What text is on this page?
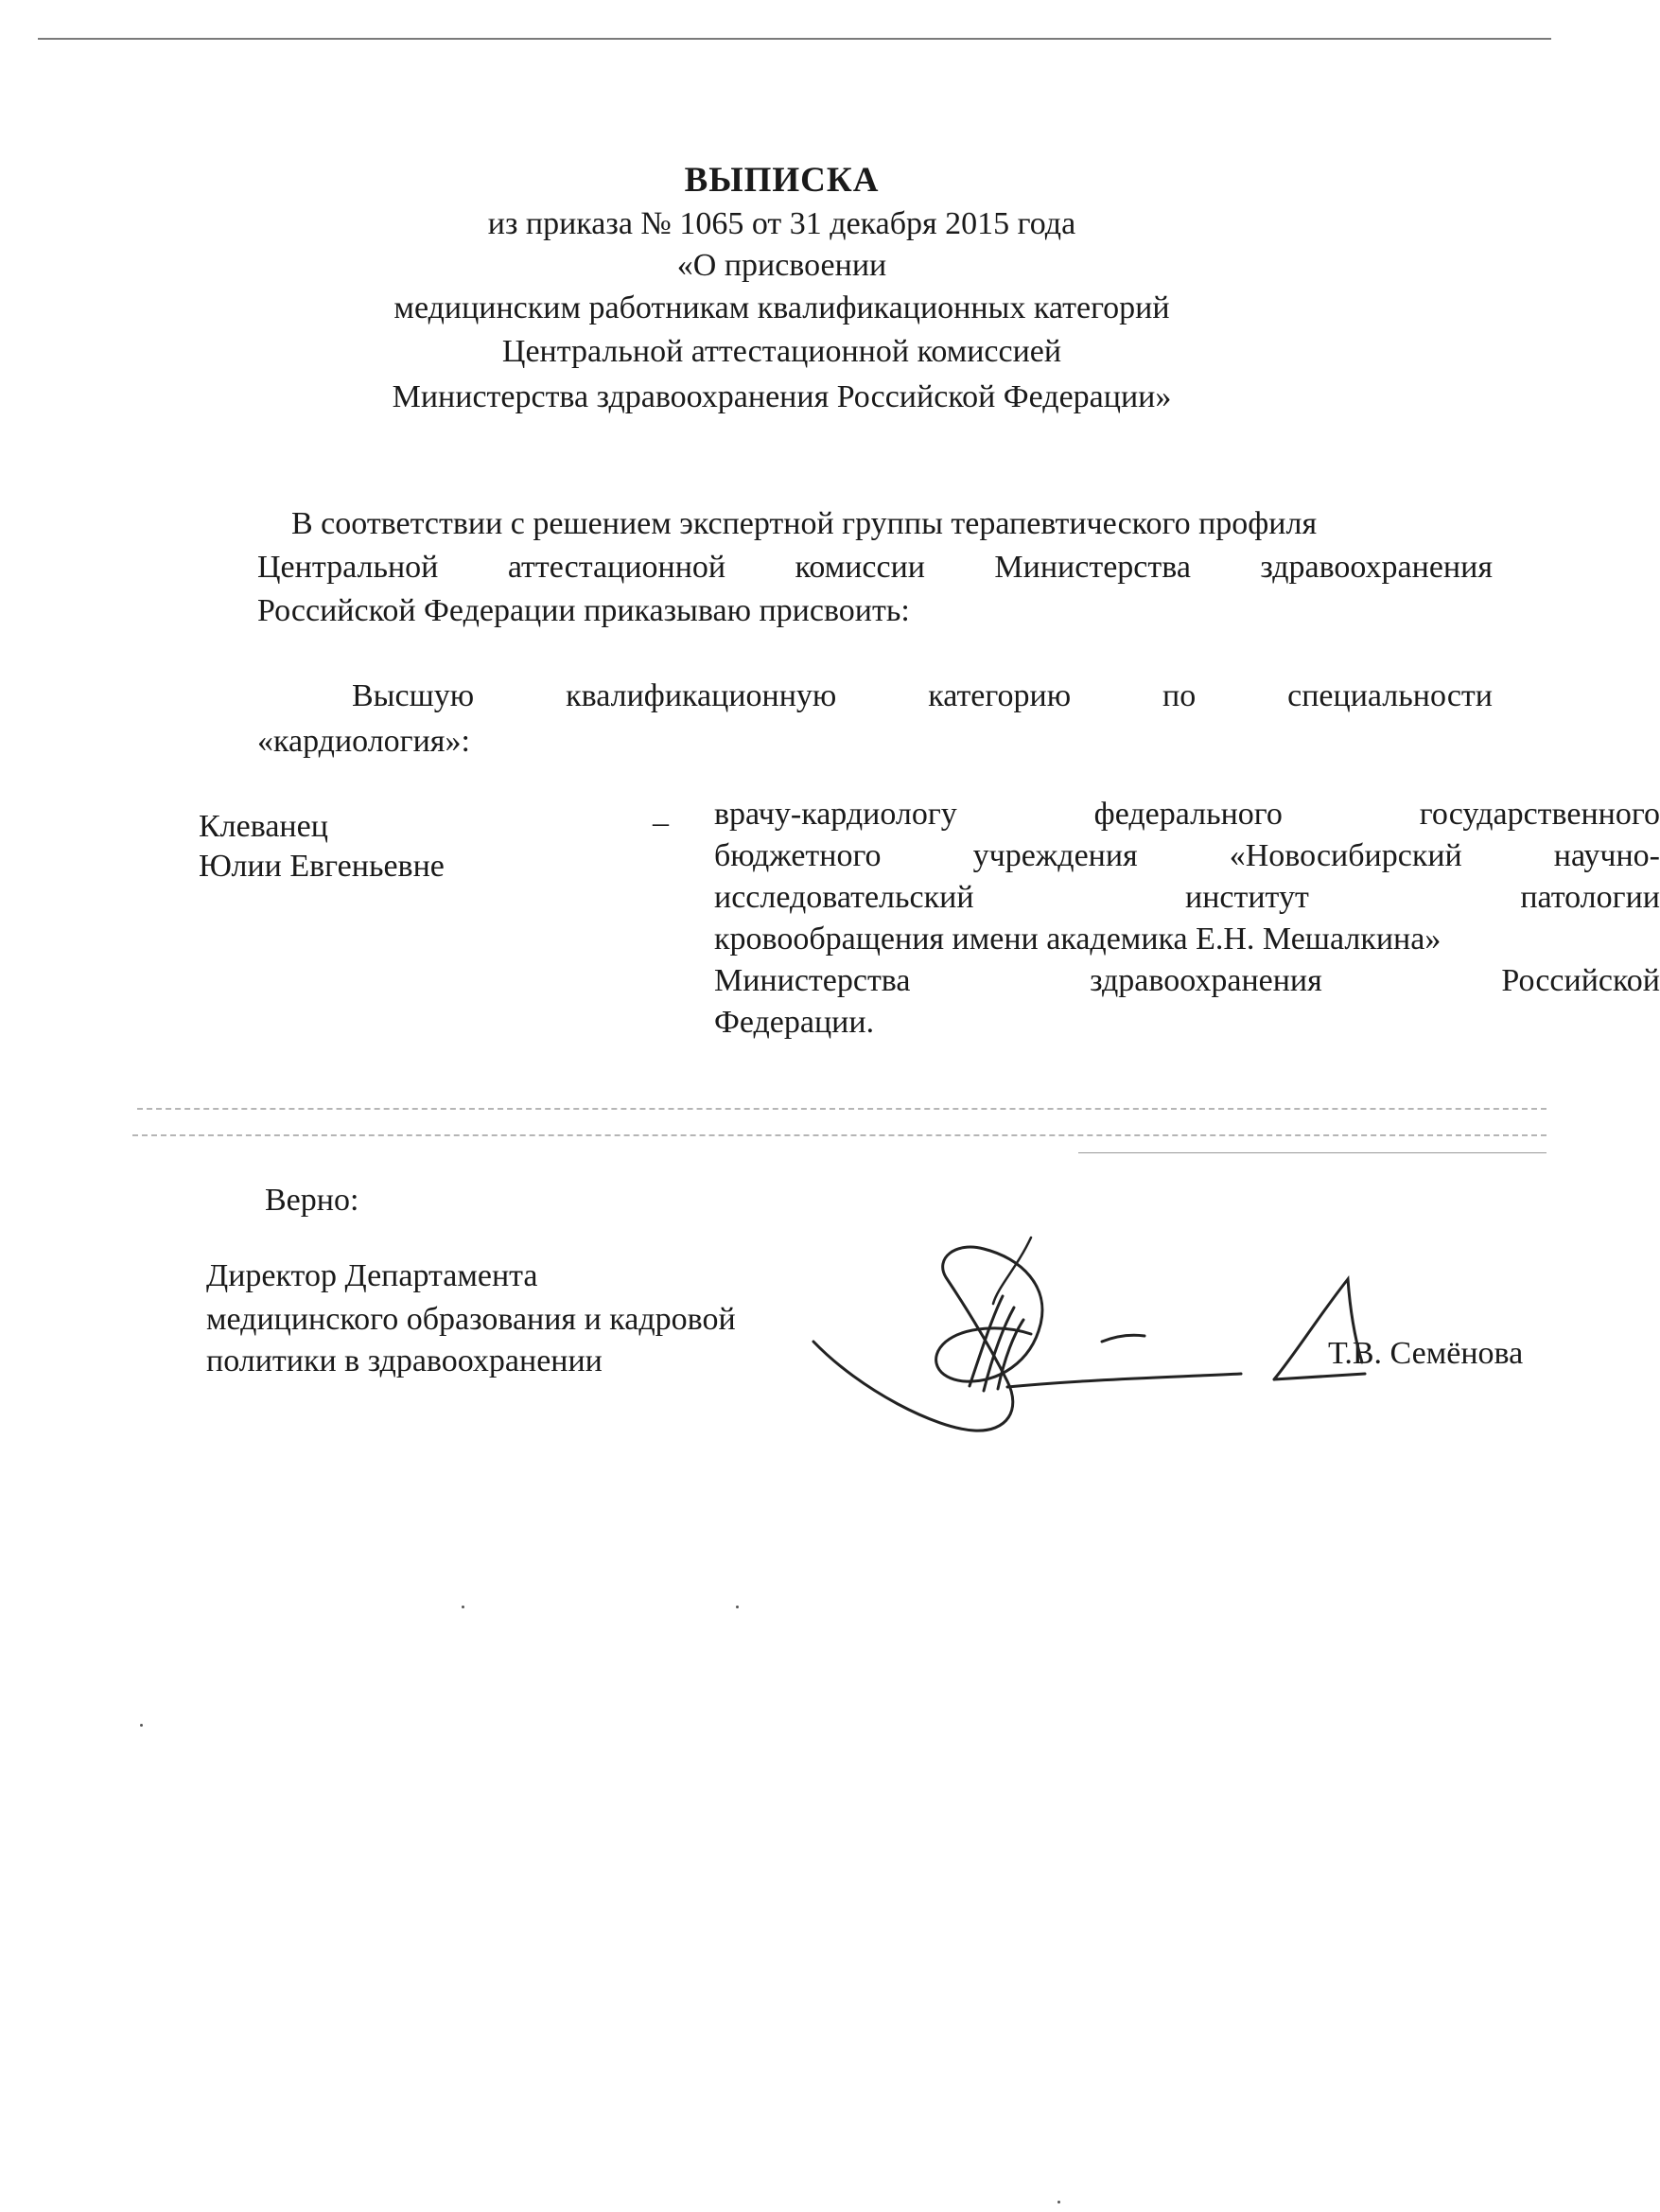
ВЫПИСКА
из приказа № 1065 от 31 декабря 2015 года
«О присвоении
медицинским работникам квалификационных категорий
Центральной аттестационной комиссией
Министерства здравоохранения Российской Федерации»
В соответствии с решением экспертной группы терапевтического профиля
Центральной аттестационной комиссии Министерства здравоохранения
Российской Федерации приказываю присвоить:
Высшую	квалификационную	категорию	по	специальности
«кардиология»:
Клеванец
Юлии Евгеньевне
– врачу-кардиологу	федерального	государственного
бюджетного	учреждения	«Новосибирский	научно-
исследовательский	институт	патологии
кровообращения имени академика Е.Н. Мешалкина»
Министерства	здравоохранения	Российской
Федерации.
Верно:
Директор Департамента
медицинского образования и кадровой
политики в здравоохранении	Т.В. Семёнова
